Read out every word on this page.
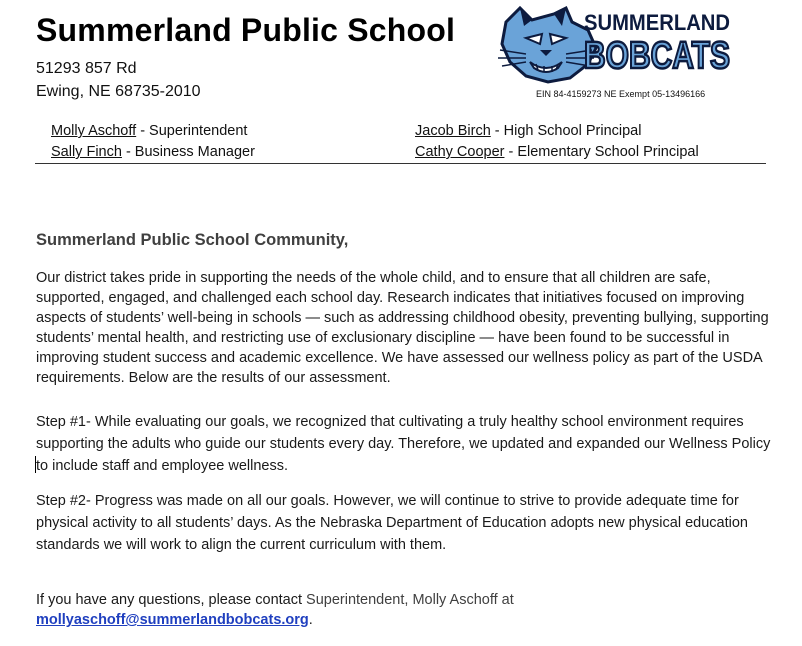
Summerland Public School
51293 857 Rd
Ewing, NE 68735-2010
SUMMERLAND
BOBCATS
EIN 84-4159273 NE Exempt 05-13496166
Molly Aschoff - Superintendent	Jacob Birch - High School Principal
Sally Finch - Business Manager	Cathy Cooper - Elementary School Principal
Summerland Public School Community,
Our district takes pride in supporting the needs of the whole child, and to ensure that all children are safe, supported, engaged, and challenged each school day. Research indicates that initiatives focused on improving aspects of students’ well-being in schools — such as addressing childhood obesity, preventing bullying, supporting students’ mental health, and restricting use of exclusionary discipline — have been found to be successful in improving student success and academic excellence. We have assessed our wellness policy as part of the USDA requirements. Below are the results of our assessment.
Step #1- While evaluating our goals, we recognized that cultivating a truly healthy school environment requires supporting the adults who guide our students every day. Therefore, we updated and expanded our Wellness Policy to include staff and employee wellness.
Step #2- Progress was made on all our goals. However, we will continue to strive to provide adequate time for physical activity to all students’ days. As the Nebraska Department of Education adopts new physical education standards we will work to align the current curriculum with them.
If you have any questions, please contact Superintendent, Molly Aschoff at
mollyaschoff@summerlandbobcats.org.
